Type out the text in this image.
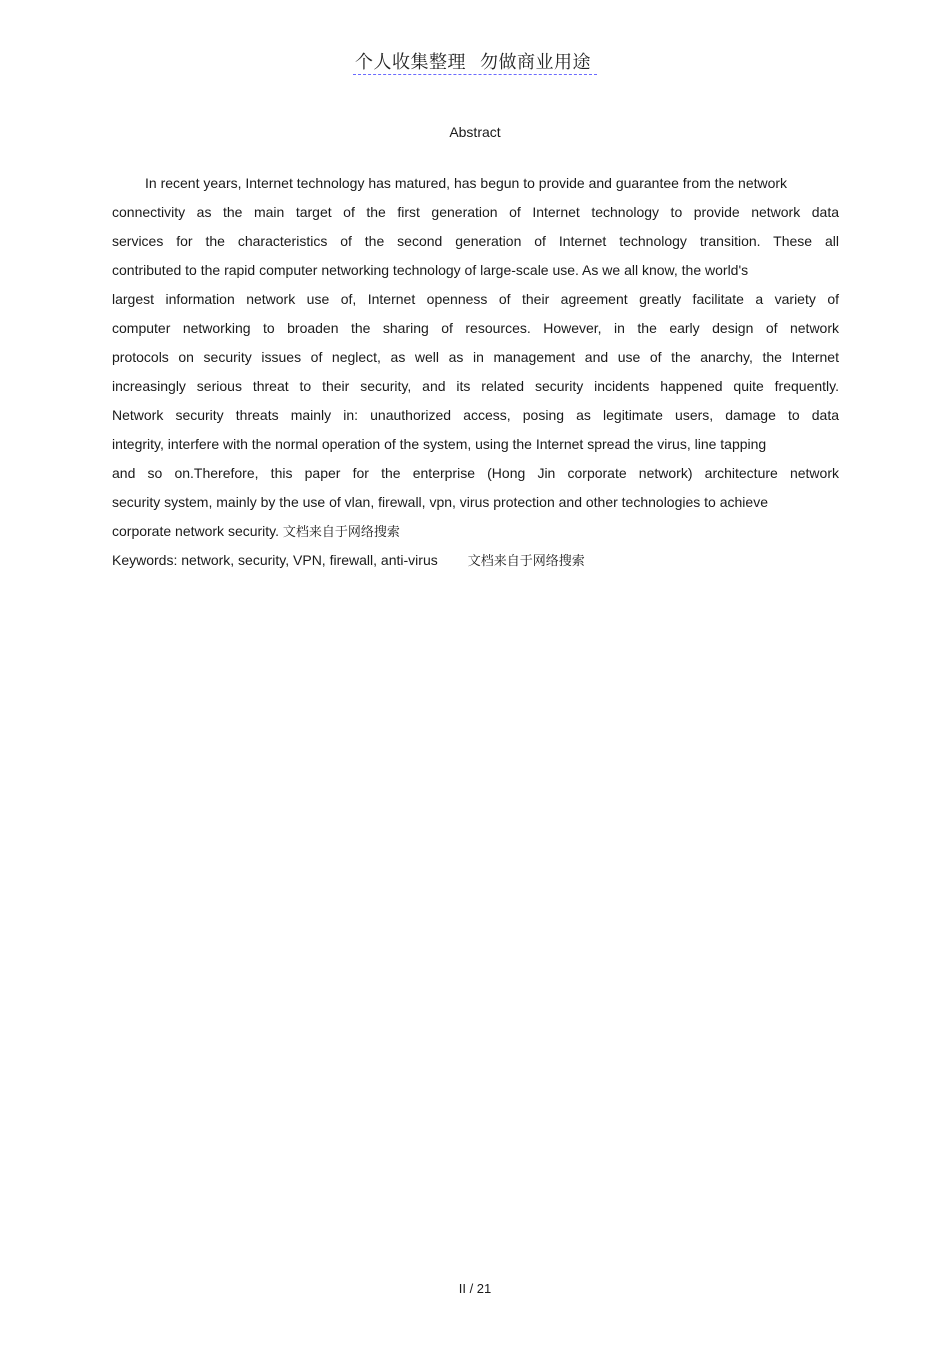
个人收集整理 勿做商业用途
Abstract
In recent years, Internet technology has matured, has begun to provide and guarantee from the network
connectivity as the main target of the first generation of Internet technology to provide network data
services for the characteristics of the second generation of Internet technology transition. These all
contributed to the rapid computer networking technology of large-scale use. As we all know, the world's
largest information network use of, Internet openness of their agreement greatly facilitate a variety of
computer networking to broaden the sharing of resources. However, in the early design of network
protocols on security issues of neglect, as well as in management and use of the anarchy, the Internet
increasingly serious threat to their security, and its related security incidents happened quite frequently.
Network security threats mainly in: unauthorized access, posing as legitimate users, damage to data
integrity, interfere with the normal operation of the system, using the Internet spread the virus, line tapping
and so on.Therefore, this paper for the enterprise (Hong Jin corporate network) architecture network
security system, mainly by the use of vlan, firewall, vpn, virus protection and other technologies to achieve
corporate network security. 文档来自于网络搜索
Keywords: network, security, VPN, firewall, anti-virus 文档来自于网络搜索
II / 21
